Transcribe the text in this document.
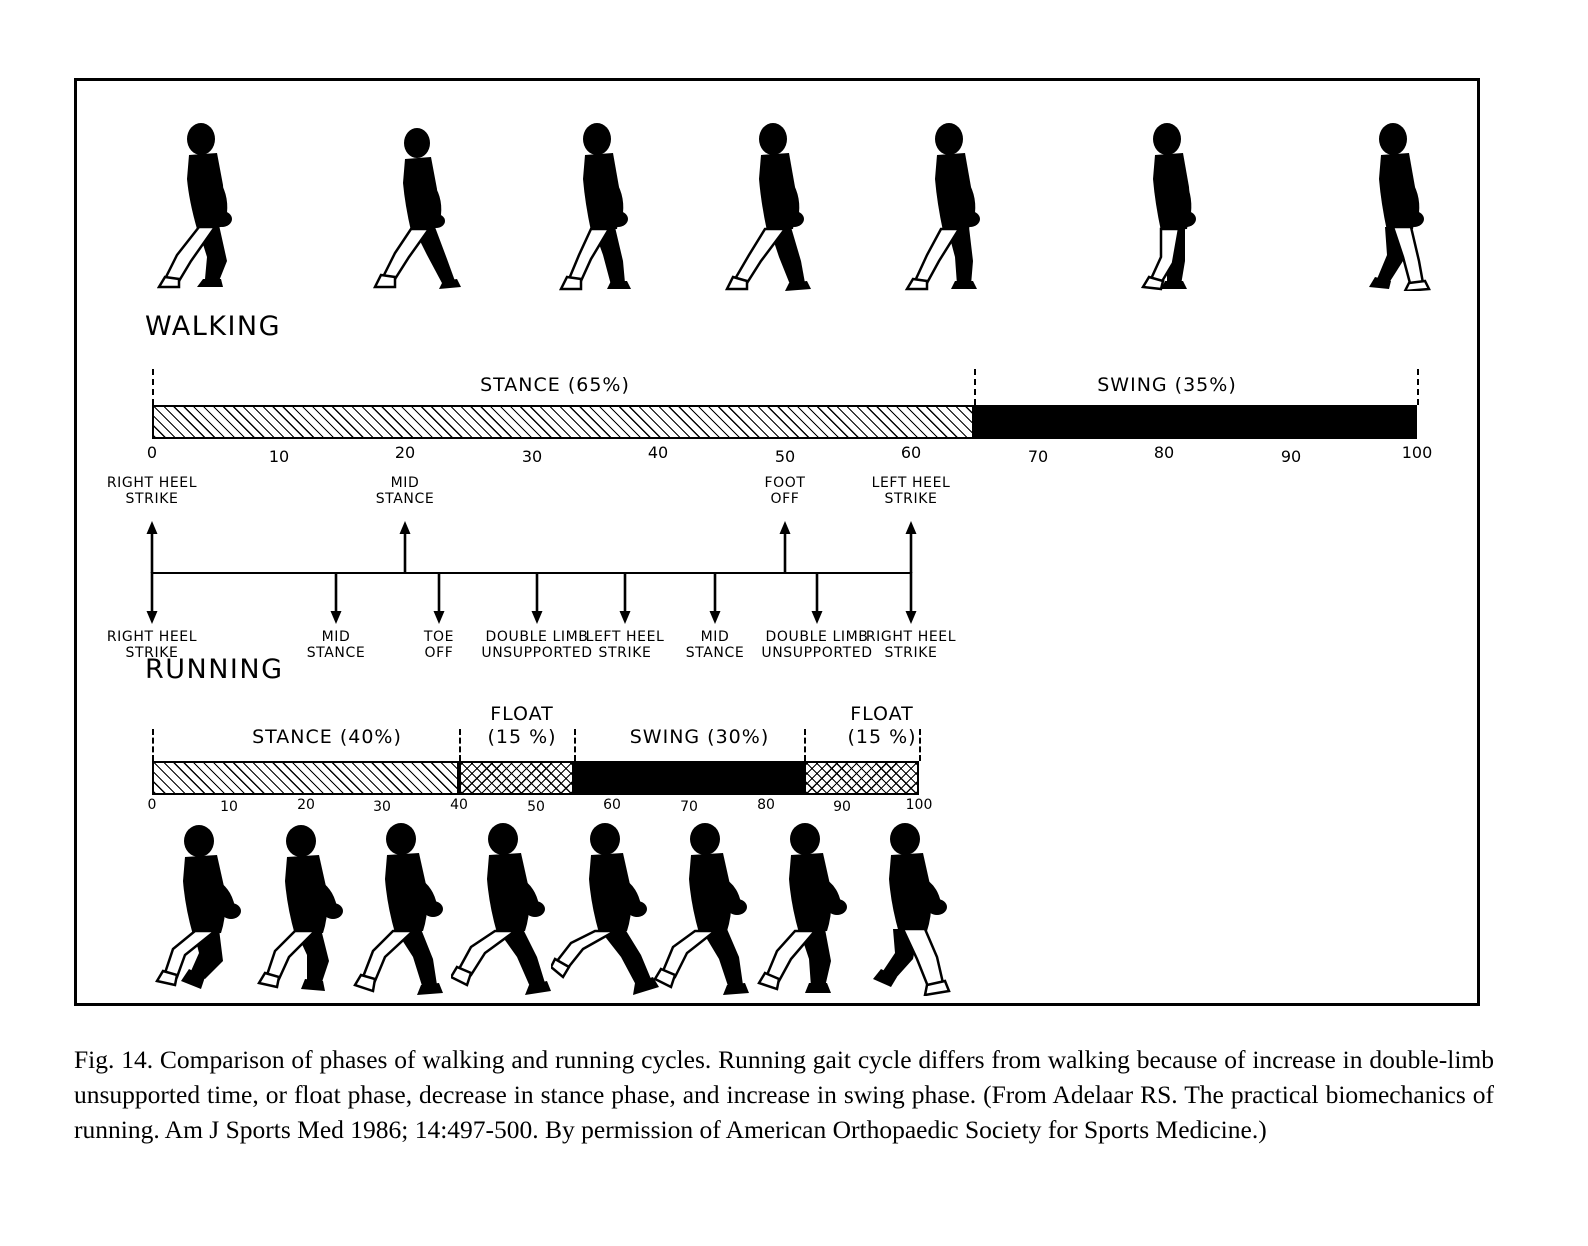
WALKING
STANCE (65%)	SWING (35%)
0	10	20	30	40	50	60	70	80	90	100
RIGHT HEEL
STRIKE
MID
STANCE
FOOT
OFF
LEFT HEEL
STRIKE
RIGHT HEEL
STRIKE
MID
STANCE
TOE
OFF
DOUBLE LIMB
UNSUPPORTED
LEFT HEEL
STRIKE
MID
STANCE
DOUBLE LIMB
UNSUPPORTED
RIGHT HEEL
STRIKE
RUNNING
STANCE (40%)
FLOAT
(15 %)	SWING (30%)
FLOAT
(15 %)
0	10	20	30	40	50	60	70	80	90	100
Fig. 14. Comparison of phases of walking and running cycles. Running gait cycle differs from walking because of increase in double-limb unsupported time, or float phase, decrease in stance phase, and increase in swing phase. (From Adelaar RS. The practical biomechanics of running. Am J Sports Med 1986; 14:497-500. By permission of American Orthopaedic Society for Sports Medicine.)
